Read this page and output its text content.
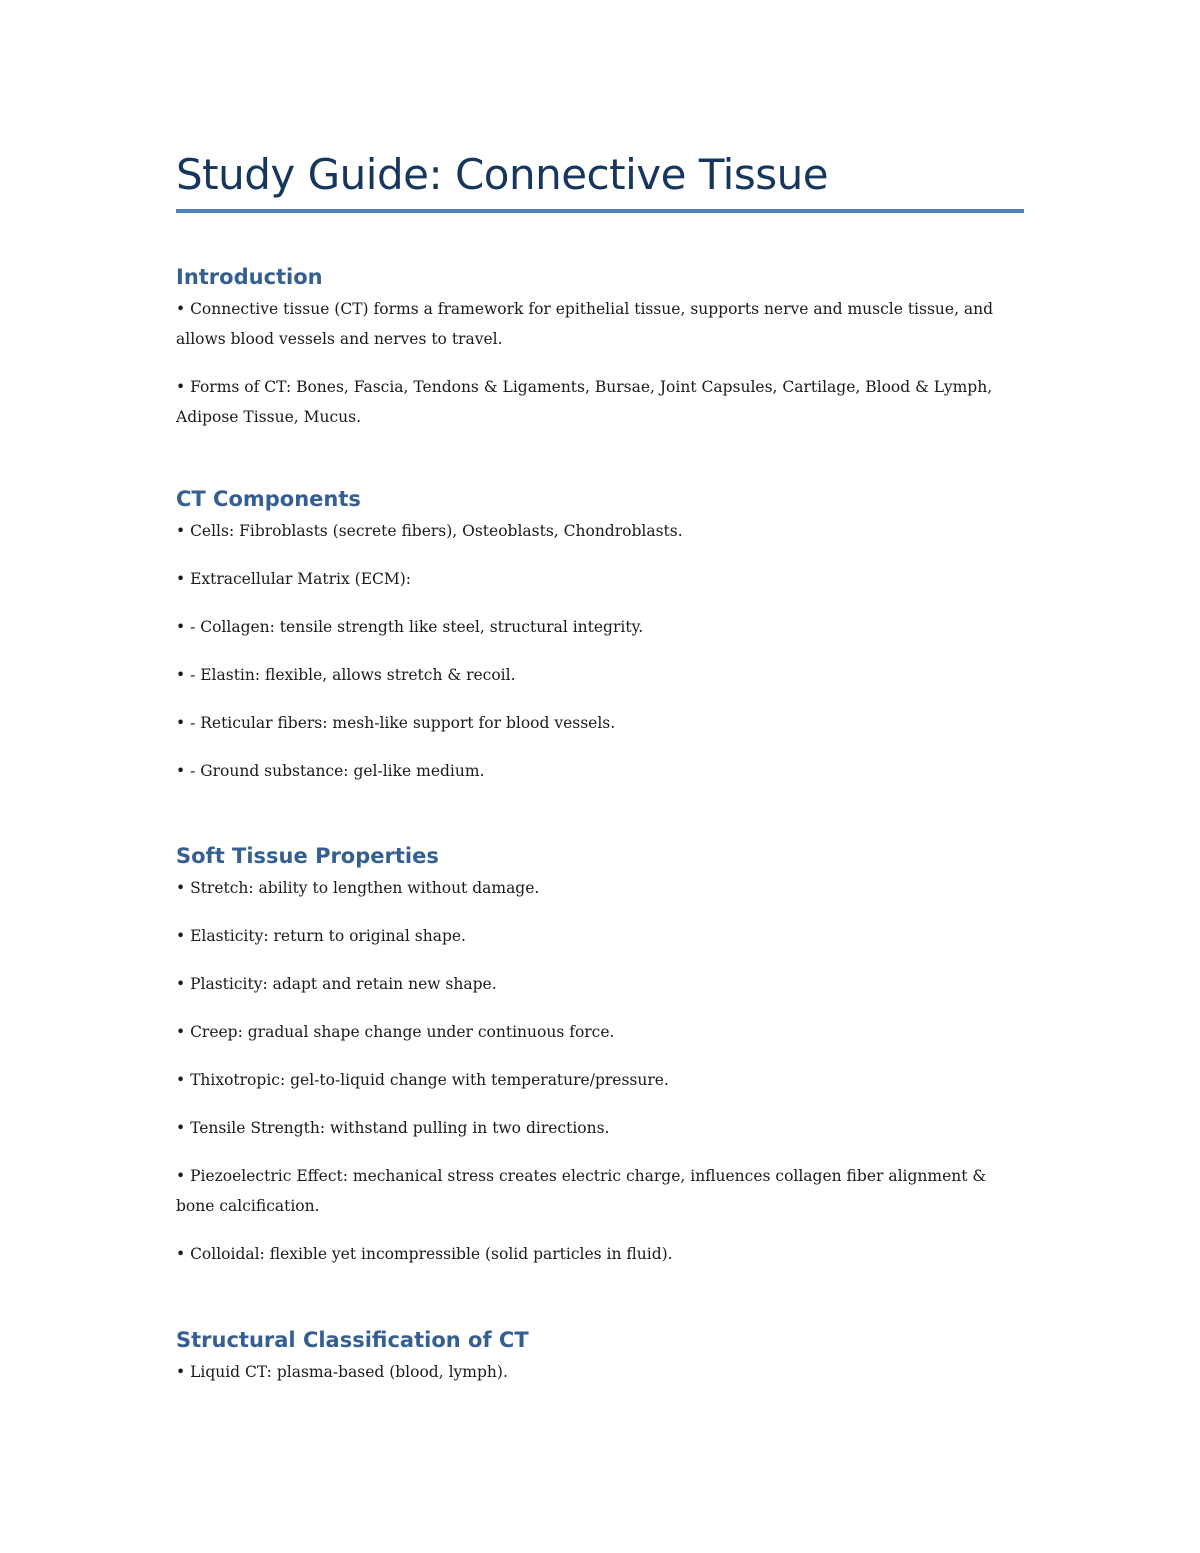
Study Guide: Connective Tissue
Introduction

• Connective tissue (CT) forms a framework for epithelial tissue, supports nerve and muscle tissue, and allows blood vessels and nerves to travel.

• Forms of CT: Bones, Fascia, Tendons & Ligaments, Bursae, Joint Capsules, Cartilage, Blood & Lymph, Adipose Tissue, Mucus.

CT Components

• Cells: Fibroblasts (secrete fibers), Osteoblasts, Chondroblasts.

• Extracellular Matrix (ECM):

• - Collagen: tensile strength like steel, structural integrity.

• - Elastin: flexible, allows stretch & recoil.

• - Reticular fibers: mesh-like support for blood vessels.

• - Ground substance: gel-like medium.

Soft Tissue Properties

• Stretch: ability to lengthen without damage.

• Elasticity: return to original shape.

• Plasticity: adapt and retain new shape.

• Creep: gradual shape change under continuous force.

• Thixotropic: gel-to-liquid change with temperature/pressure.

• Tensile Strength: withstand pulling in two directions.

• Piezoelectric Effect: mechanical stress creates electric charge, influences collagen fiber alignment & bone calcification.

• Colloidal: flexible yet incompressible (solid particles in fluid).

Structural Classification of CT

• Liquid CT: plasma-based (blood, lymph).
